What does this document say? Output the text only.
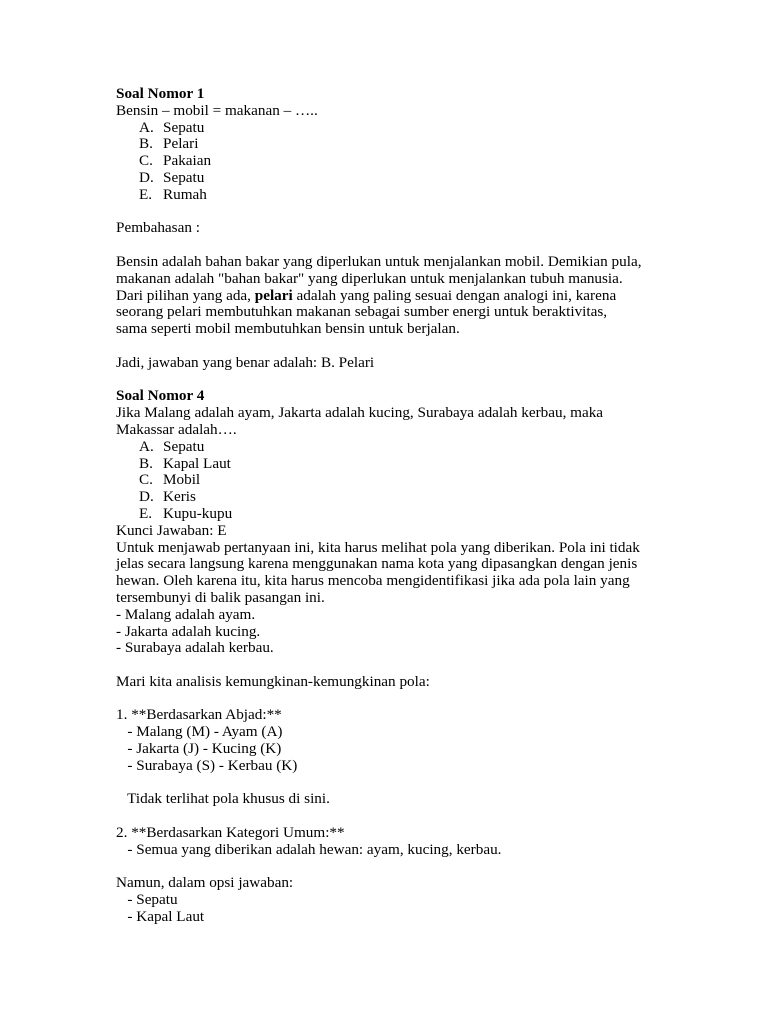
Soal Nomor 1
Bensin – mobil = makanan – …..
A. Sepatu
B. Pelari
C. Pakaian
D. Sepatu
E. Rumah
Pembahasan :
Bensin adalah bahan bakar yang diperlukan untuk menjalankan mobil. Demikian pula,
makanan adalah "bahan bakar" yang diperlukan untuk menjalankan tubuh manusia.
Dari pilihan yang ada, pelari adalah yang paling sesuai dengan analogi ini, karena
seorang pelari membutuhkan makanan sebagai sumber energi untuk beraktivitas,
sama seperti mobil membutuhkan bensin untuk berjalan.
Jadi, jawaban yang benar adalah: B. Pelari
Soal Nomor 4
Jika Malang adalah ayam, Jakarta adalah kucing, Surabaya adalah kerbau, maka
Makassar adalah….
A. Sepatu
B. Kapal Laut
C. Mobil
D. Keris
E. Kupu-kupu
Kunci Jawaban: E
Untuk menjawab pertanyaan ini, kita harus melihat pola yang diberikan. Pola ini tidak
jelas secara langsung karena menggunakan nama kota yang dipasangkan dengan jenis
hewan. Oleh karena itu, kita harus mencoba mengidentifikasi jika ada pola lain yang
tersembunyi di balik pasangan ini.
- Malang adalah ayam.
- Jakarta adalah kucing.
- Surabaya adalah kerbau.
Mari kita analisis kemungkinan-kemungkinan pola:
1. **Berdasarkan Abjad:**
- Malang (M) - Ayam (A)
- Jakarta (J) - Kucing (K)
- Surabaya (S) - Kerbau (K)
Tidak terlihat pola khusus di sini.
2. **Berdasarkan Kategori Umum:**
- Semua yang diberikan adalah hewan: ayam, kucing, kerbau.
Namun, dalam opsi jawaban:
- Sepatu
- Kapal Laut
